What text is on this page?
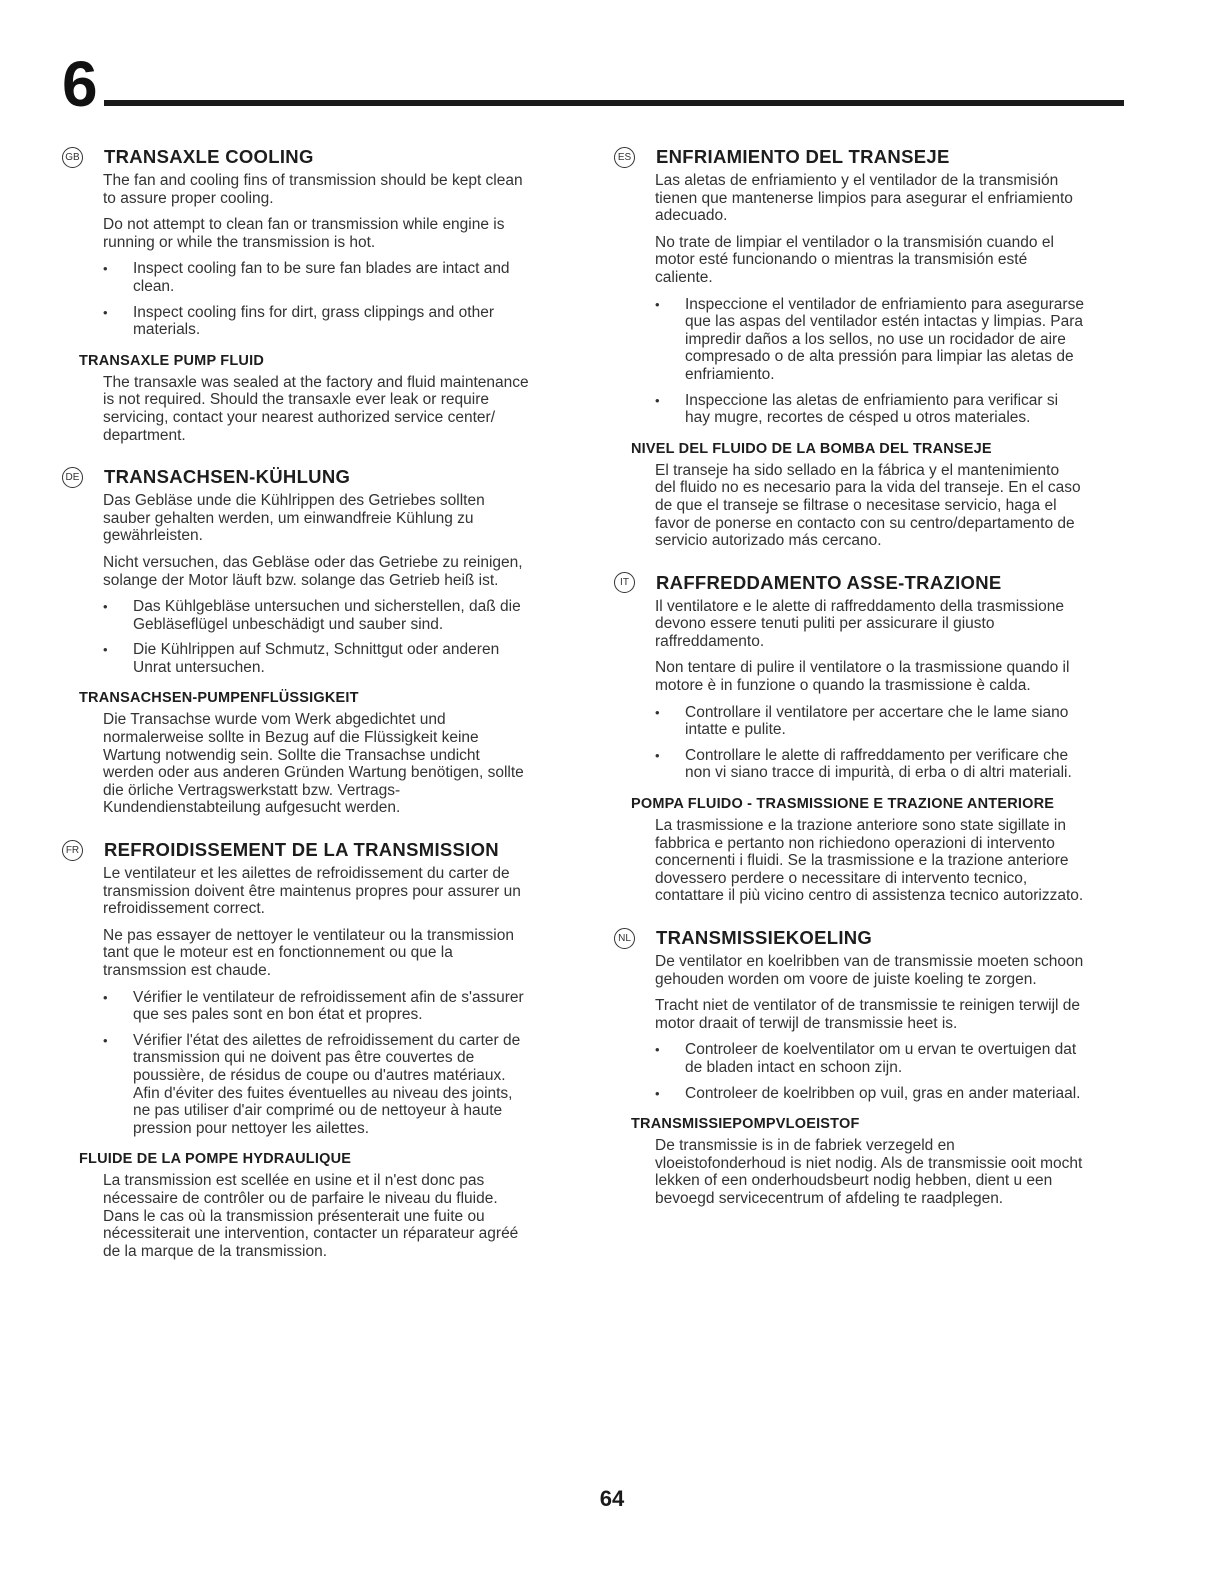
6
GB TRANSAXLE COOLING

The fan and cooling fins of transmission should be kept clean to assure proper cooling.

Do not attempt to clean fan or transmission while engine is running or while the transmission is hot.

• Inspect cooling fan to be sure fan blades are intact and clean.
• Inspect cooling fins for dirt, grass clippings and other materials.
TRANSAXLE PUMP FLUID

The transaxle was sealed at the factory and fluid maintenance is not required. Should the transaxle ever leak or require servicing, contact your nearest authorized service center/ department.

DE TRANSACHSEN-KÜHLUNG

Das Gebläse unde die Kühlrippen des Getriebes sollten sauber gehalten werden, um einwandfreie Kühlung zu gewährleisten.

Nicht versuchen, das Gebläse oder das Getriebe zu reinigen, solange der Motor läuft bzw. solange das Getrieb heiß ist.

• Das Kühlgebläse untersuchen und sicherstellen, daß die Gebläseflügel unbeschädigt und sauber sind.
• Die Kühlrippen auf Schmutz, Schnittgut oder anderen Unrat untersuchen.
TRANSACHSEN-PUMPENFLÜSSIGKEIT

Die Transachse wurde vom Werk abgedichtet und normalerweise sollte in Bezug auf die Flüssigkeit keine Wartung notwendig sein. Sollte die Transachse undicht werden oder aus anderen Gründen Wartung benötigen, sollte die örliche Vertragswerkstatt bzw. Vertrags-Kundendienstabteilung aufgesucht werden.

FR REFROIDISSEMENT DE LA TRANSMISSION

Le ventilateur et les ailettes de refroidissement du carter de transmission doivent être maintenus propres pour assurer un refroidissement correct.

Ne pas essayer de nettoyer le ventilateur ou la transmission tant que le moteur est en fonctionnement ou que la transmssion est chaude.

• Vérifier le ventilateur de refroidissement afin de s'assurer que ses pales sont en bon état et propres.
• Vérifier l'état des ailettes de refroidissement du carter de transmission qui ne doivent pas être couvertes de poussière, de résidus de coupe ou d'autres matériaux. Afin d'éviter des fuites éventuelles au niveau des joints, ne pas utiliser d'air comprimé ou de nettoyeur à haute pression pour nettoyer les ailettes.
FLUIDE DE LA POMPE HYDRAULIQUE

La transmission est scellée en usine et il n'est donc pas nécessaire de contrôler ou de parfaire le niveau du fluide. Dans le cas où la transmission présenterait une fuite ou nécessiterait une intervention, contacter un réparateur agréé de la marque de la transmission.

ES ENFRIAMIENTO DEL TRANSEJE

Las aletas de enfriamiento y el ventilador de la transmisión tienen que mantenerse limpios para asegurar el enfriamiento adecuado.

No trate de limpiar el ventilador o la transmisión cuando el motor esté funcionando o mientras la transmisión esté caliente.

• Inspeccione el ventilador de enfriamiento para asegurarse que las aspas del ventilador estén intactas y limpias. Para impredir daños a los sellos, no use un rocidador de aire compresado o de alta pressión para limpiar las aletas de enfriamiento.
• Inspeccione las aletas de enfriamiento para verificar si hay mugre, recortes de césped u otros materiales.
NIVEL DEL FLUIDO DE LA BOMBA DEL TRANSEJE

El transeje ha sido sellado en la fábrica y el mantenimiento del fluido no es necesario para la vida del transeje. En el caso de que el transeje se filtrase o necesitase servicio, haga el favor de ponerse en contacto con su centro/departamento de servicio autorizado más cercano.

IT	RAFFREDDAMENTO ASSE-TRAZIONE

Il ventilatore e le alette di raffreddamento della trasmissione devono essere tenuti puliti per assicurare il giusto raffreddamento.

Non tentare di pulire il ventilatore o la trasmissione quando il motore è in funzione o quando la trasmissione è calda.

• Controllare il ventilatore per accertare che le lame siano intatte e pulite.
• Controllare le alette di raffreddamento per verificare che non vi siano tracce di impurità, di erba o di altri materiali.
POMPA FLUIDO - TRASMISSIONE E TRAZIONE ANTERIORE

La trasmissione e la trazione anteriore sono state sigillate in fabbrica e pertanto non richiedono operazioni di intervento concernenti i fluidi. Se la trasmissione e la trazione anteriore dovessero perdere o necessitare di intervento tecnico, contattare il più vicino centro di assistenza tecnico autorizzato.

NL TRANSMISSIEKOELING

De ventilator en koelribben van de transmissie moeten schoon gehouden worden om voore de juiste koeling te zorgen.

Tracht niet de ventilator of de transmissie te reinigen terwijl de motor draait of terwijl de transmissie heet is.

• Controleer de koelventilator om u ervan te overtuigen dat de bladen intact en schoon zijn.
• Controleer de koelribben op vuil, gras en ander materiaal.
TRANSMISSIEPOMPVLOEISTOF

De transmissie is in de fabriek verzegeld en vloeistofonderhoud is niet nodig. Als de transmissie ooit mocht lekken of een onderhoudsbeurt nodig hebben, dient u een bevoegd servicecentrum of afdeling te raadplegen.

64
